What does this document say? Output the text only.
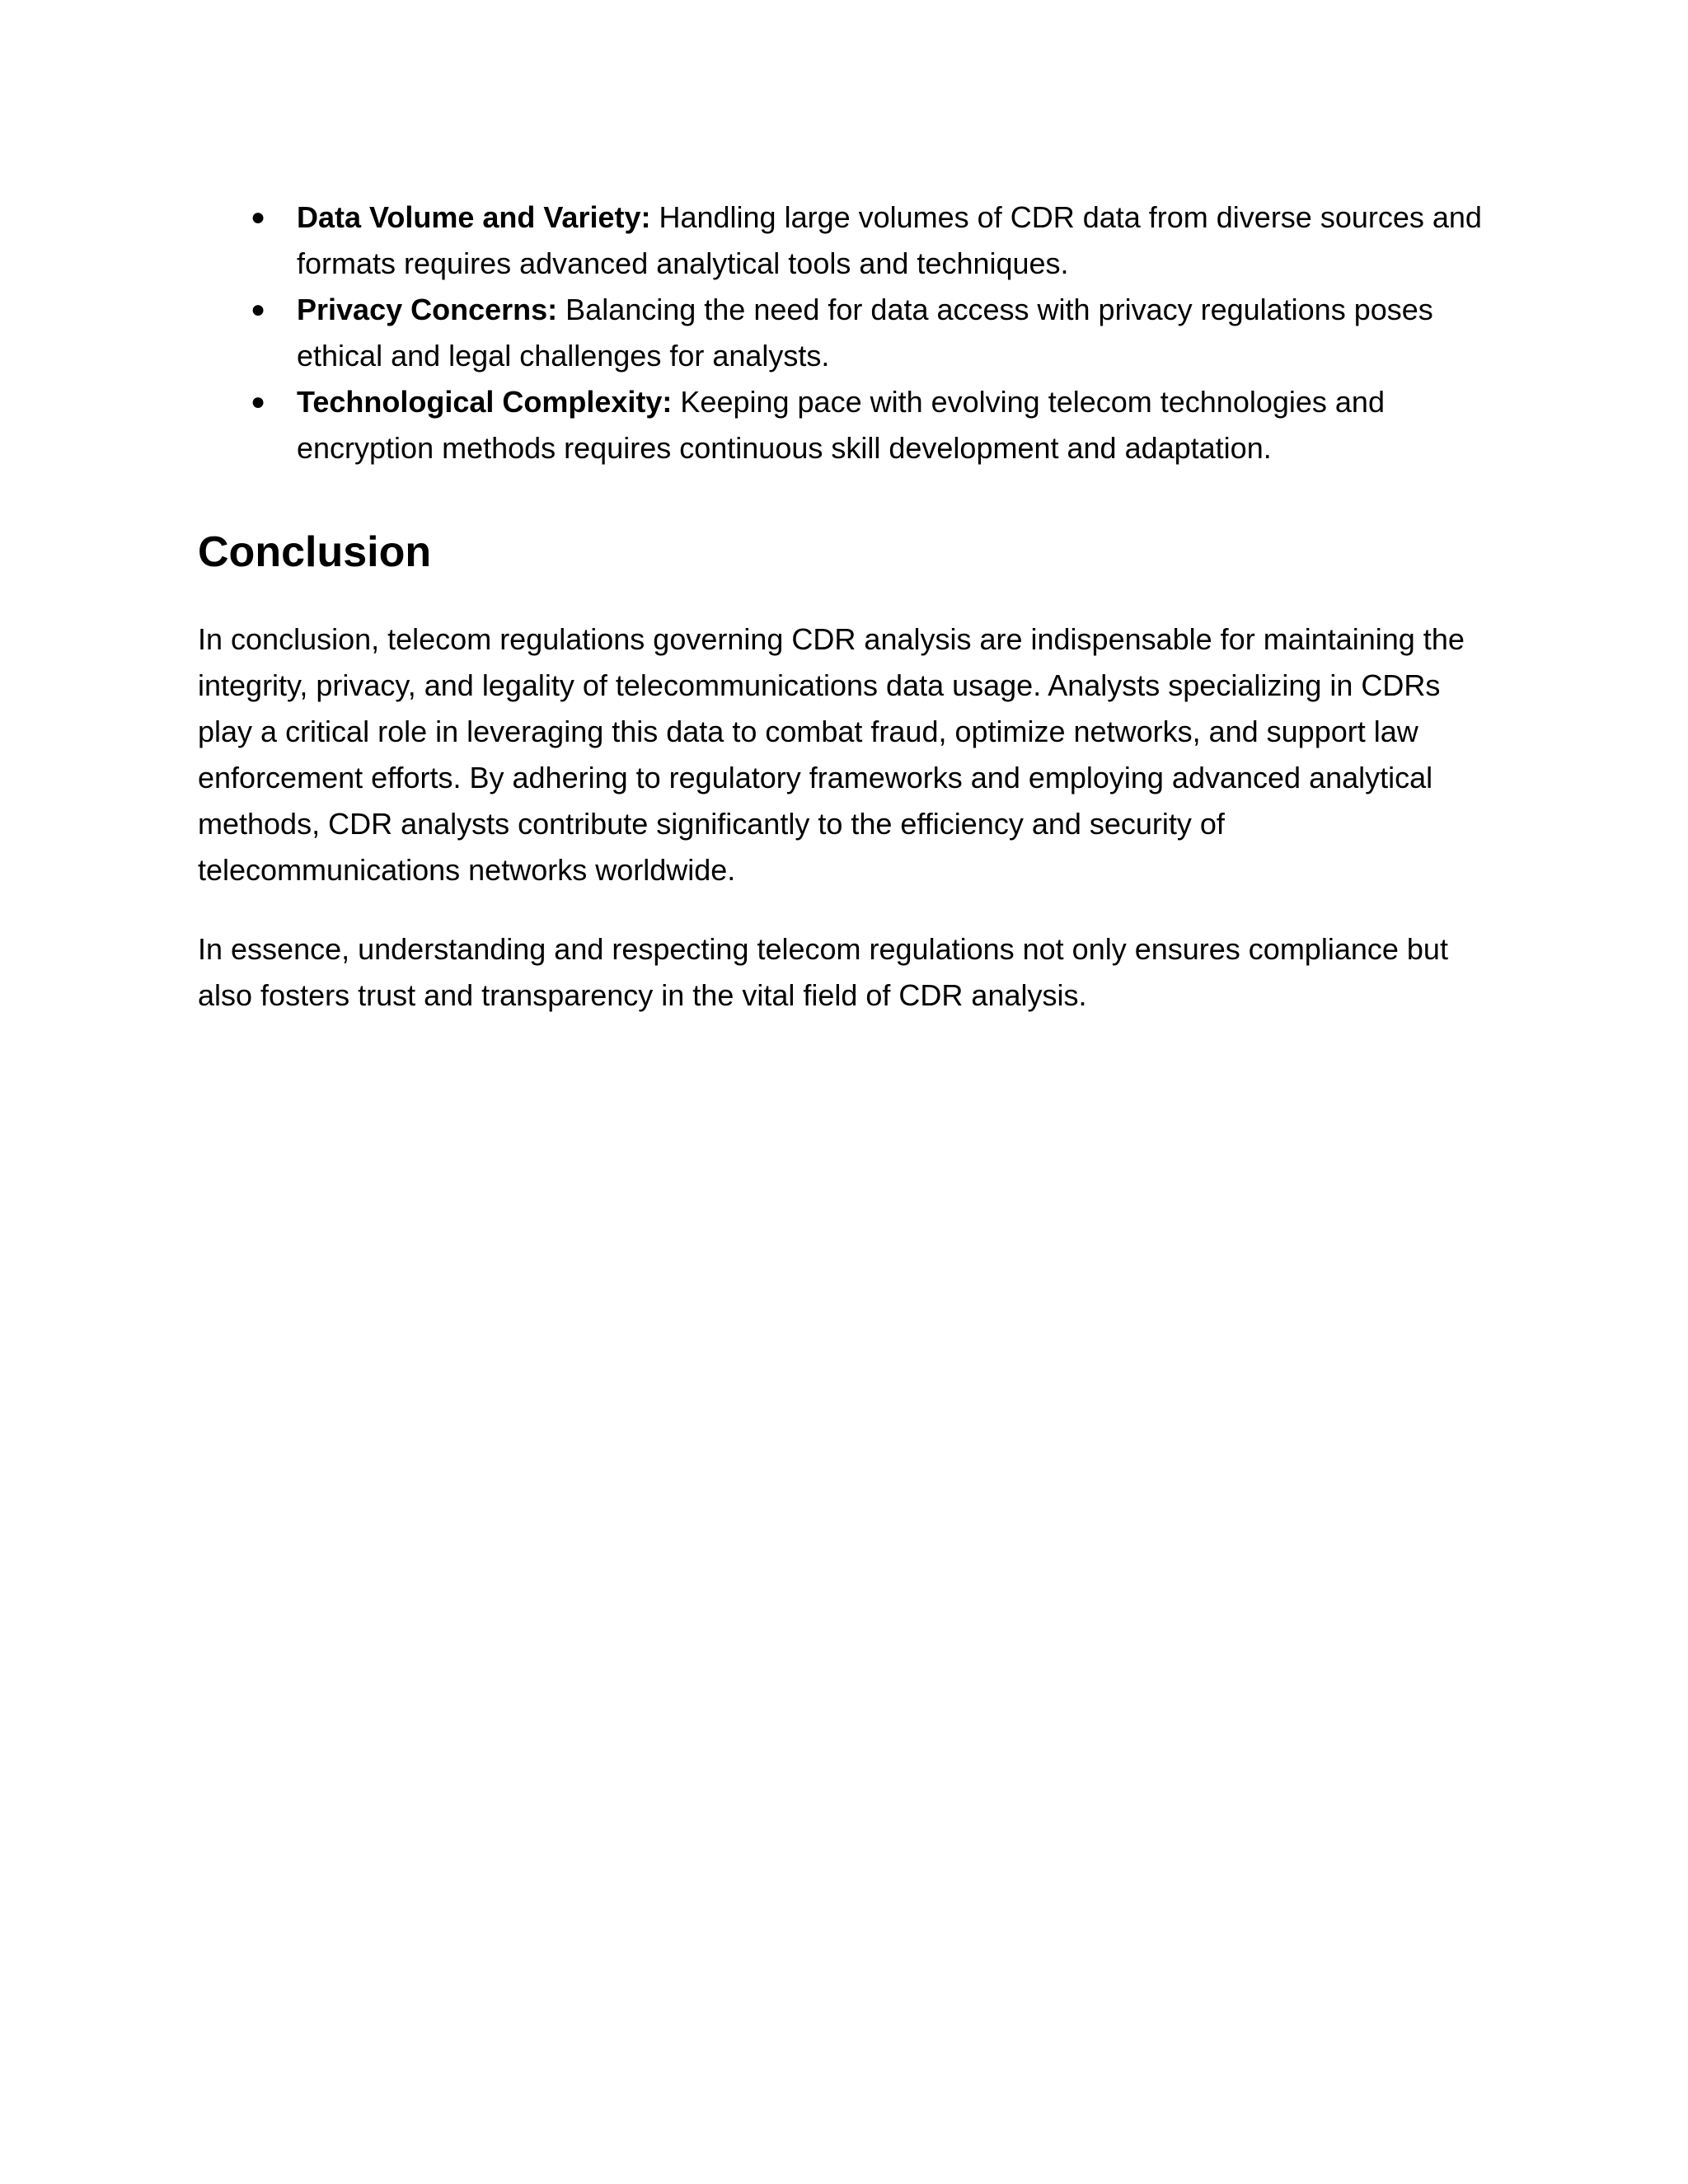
● Data Volume and Variety: Handling large volumes of CDR data from diverse sources and formats requires advanced analytical tools and techniques.
● Privacy Concerns: Balancing the need for data access with privacy regulations poses ethical and legal challenges for analysts.
● Technological Complexity: Keeping pace with evolving telecom technologies and encryption methods requires continuous skill development and adaptation.
Conclusion

In conclusion, telecom regulations governing CDR analysis are indispensable for maintaining the integrity, privacy, and legality of telecommunications data usage. Analysts specializing in CDRs play a critical role in leveraging this data to combat fraud, optimize networks, and support law enforcement efforts. By adhering to regulatory frameworks and employing advanced analytical methods, CDR analysts contribute significantly to the efficiency and security of telecommunications networks worldwide.

In essence, understanding and respecting telecom regulations not only ensures compliance but also fosters trust and transparency in the vital field of CDR analysis.
